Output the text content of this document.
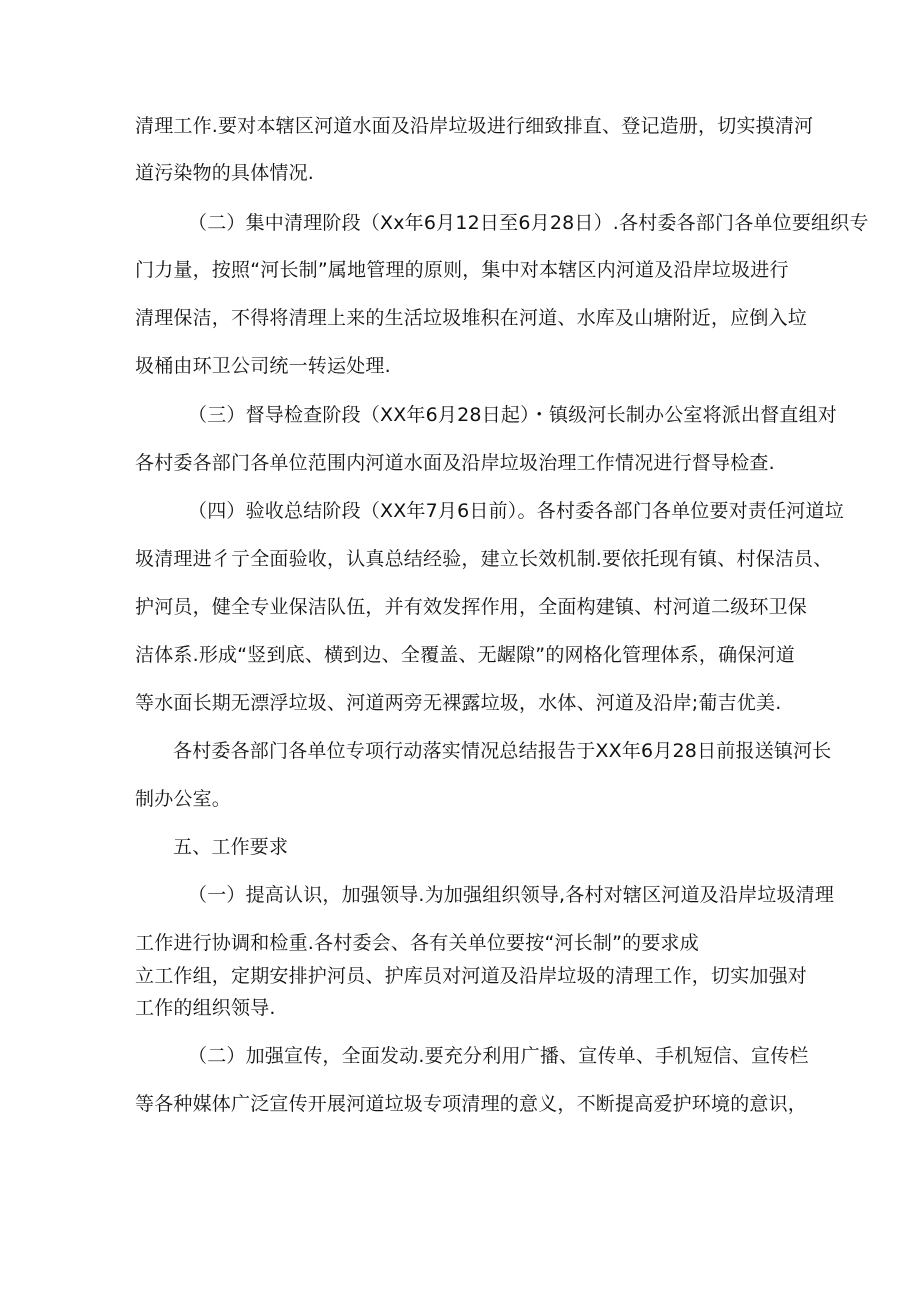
清理工作.要对本辖区河道水面及沿岸垃圾进行细致排直、登记造册，切实摸清河
道污染物的具体情况.
（二）集中清理阶段（Xx年6月12日至6月28日）.各村委各部门各单位要组织专
门力量，按照“河长制”属地管理的原则，集中对本辖区内河道及沿岸垃圾进行
清理保洁，不得将清理上来的生活垃圾堆积在河道、水库及山塘附近，应倒入垃
圾桶由环卫公司统一转运处理.
（三）督导检查阶段（XX年6月28日起）・镇级河长制办公室将派出督直组对
各村委各部门各单位范围内河道水面及沿岸垃圾治理工作情况进行督导检查.
（四）验收总结阶段（XX年7月6日前）。各村委各部门各单位要对责任河道垃
圾清理进彳亍全面验收，认真总结经验，建立长效机制.要依托现有镇、村保洁员、
护河员，健全专业保洁队伍，并有效发挥作用，全面构建镇、村河道二级环卫保
洁体系.形成“竖到底、横到边、全覆盖、无龌隙”的网格化管理体系，确保河道
等水面长期无漂浮垃圾、河道两旁无裸露垃圾，水体、河道及沿岸;葡吉优美.
各村委各部门各单位专项行动落实情况总结报告于XX年6月28日前报送镇河长
制办公室。
五、工作要求
（一）提高认识，加强领导.为加强组织领导,各村对辖区河道及沿岸垃圾清理
工作进行协调和检重.各村委会、各有关单位要按“河长制”的要求成
立工作组，定期安排护河员、护库员对河道及沿岸垃圾的清理工作，切实加强对
工作的组织领导.
（二）加强宣传，全面发动.要充分利用广播、宣传单、手机短信、宣传栏
等各种媒体广泛宣传开展河道垃圾专项清理的意义，不断提高爱护环境的意识，
